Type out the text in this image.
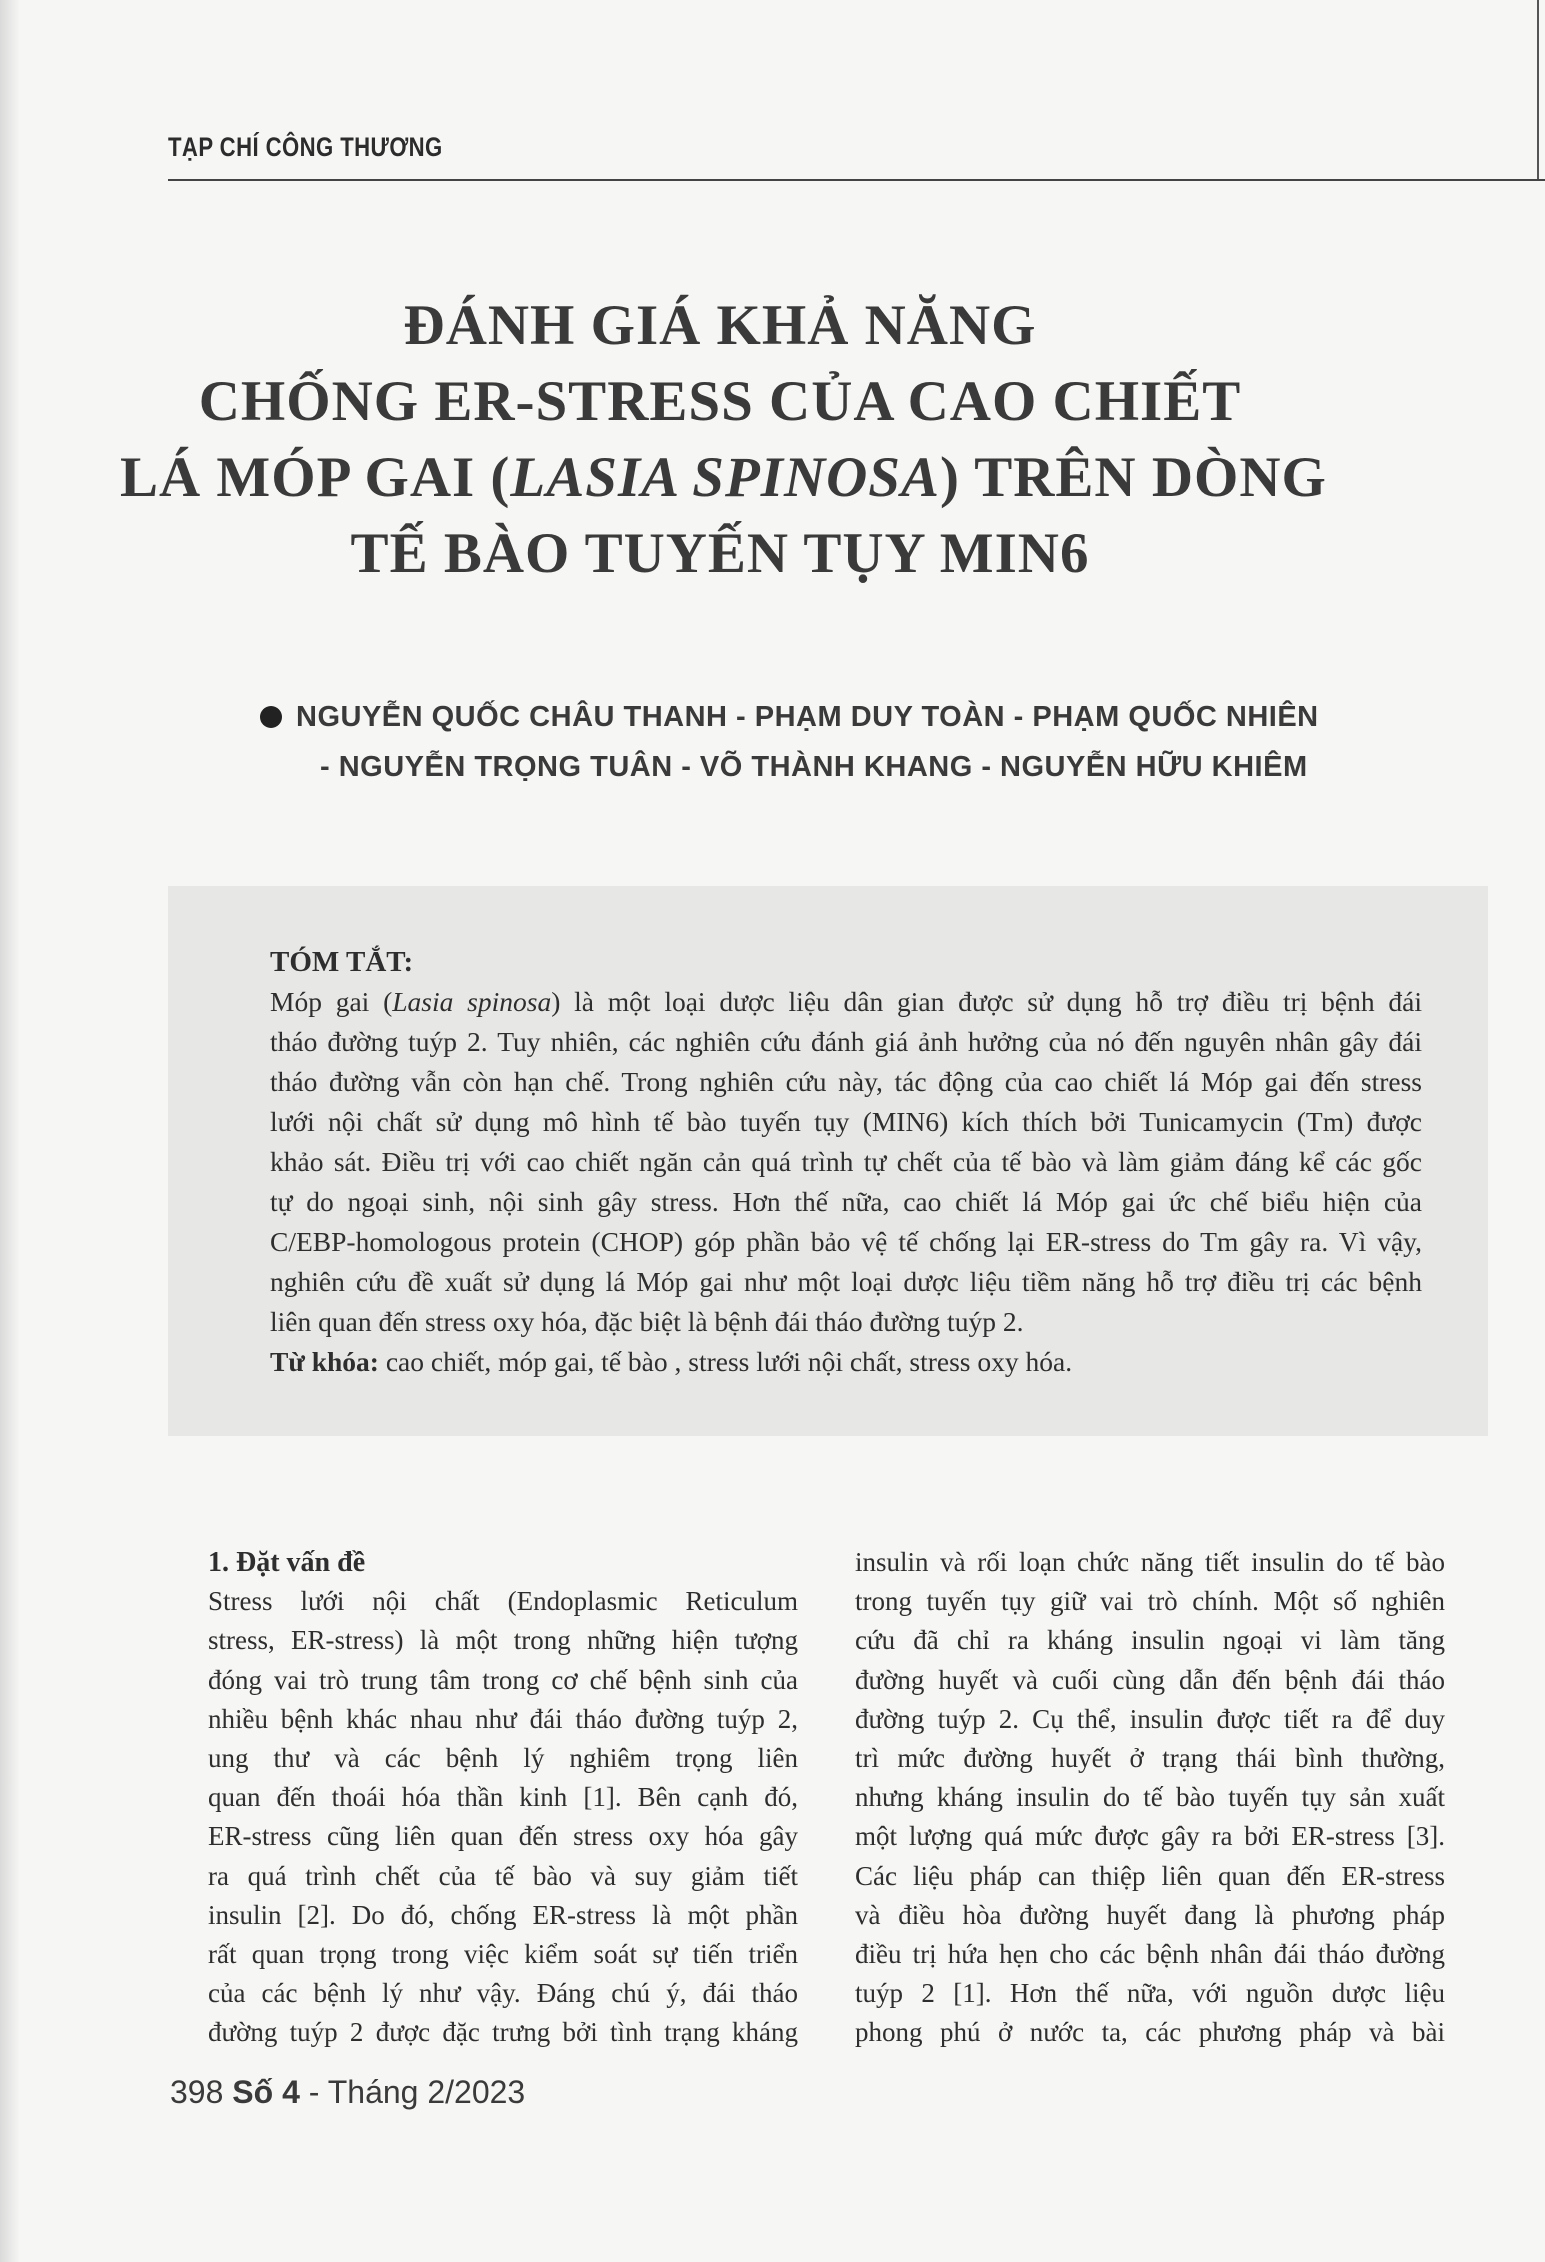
TẠP CHÍ CÔNG THƯƠNG
ĐÁNH GIÁ KHẢ NĂNG
CHỐNG ER-STRESS CỦA CAO CHIẾT
LÁ MÓP GAI (LASIA SPINOSA) TRÊN DÒNG
TẾ BÀO TUYẾN TỤY MIN6
NGUYỄN QUỐC CHÂU THANH - PHẠM DUY TOÀN - PHẠM QUỐC NHIÊN
- NGUYỄN TRỌNG TUÂN - VÕ THÀNH KHANG - NGUYỄN HỮU KHIÊM
TÓM TẮT:
Móp gai (Lasia spinosa) là một loại dược liệu dân gian được sử dụng hỗ trợ điều trị bệnh đái
tháo đường tuýp 2. Tuy nhiên, các nghiên cứu đánh giá ảnh hưởng của nó đến nguyên nhân gây đái
tháo đường vẫn còn hạn chế. Trong nghiên cứu này, tác động của cao chiết lá Móp gai đến stress
lưới nội chất sử dụng mô hình tế bào tuyến tụy (MIN6) kích thích bởi Tunicamycin (Tm) được
khảo sát. Điều trị với cao chiết ngăn cản quá trình tự chết của tế bào và làm giảm đáng kể các gốc
tự do ngoại sinh, nội sinh gây stress. Hơn thế nữa, cao chiết lá Móp gai ức chế biểu hiện của
C/EBP-homologous protein (CHOP) góp phần bảo vệ tế chống lại ER-stress do Tm gây ra. Vì vậy,
nghiên cứu đề xuất sử dụng lá Móp gai như một loại dược liệu tiềm năng hỗ trợ điều trị các bệnh
liên quan đến stress oxy hóa, đặc biệt là bệnh đái tháo đường tuýp 2.
Từ khóa: cao chiết, móp gai, tế bào , stress lưới nội chất, stress oxy hóa.
1. Đặt vấn đề
Stress lưới nội chất (Endoplasmic Reticulum
stress, ER-stress) là một trong những hiện tượng
đóng vai trò trung tâm trong cơ chế bệnh sinh của
nhiều bệnh khác nhau như đái tháo đường tuýp 2,
ung thư và các bệnh lý nghiêm trọng liên
quan đến thoái hóa thần kinh [1]. Bên cạnh đó,
ER-stress cũng liên quan đến stress oxy hóa gây
ra quá trình chết của tế bào và suy giảm tiết
insulin [2]. Do đó, chống ER-stress là một phần
rất quan trọng trong việc kiểm soát sự tiến triển
của các bệnh lý như vậy. Đáng chú ý, đái tháo
đường tuýp 2 được đặc trưng bởi tình trạng kháng
insulin và rối loạn chức năng tiết insulin do tế bào
trong tuyến tụy giữ vai trò chính. Một số nghiên
cứu đã chỉ ra kháng insulin ngoại vi làm tăng
đường huyết và cuối cùng dẫn đến bệnh đái tháo
đường tuýp 2. Cụ thể, insulin được tiết ra để duy
trì mức đường huyết ở trạng thái bình thường,
nhưng kháng insulin do tế bào tuyến tụy sản xuất
một lượng quá mức được gây ra bởi ER-stress [3].
Các liệu pháp can thiệp liên quan đến ER-stress
và điều hòa đường huyết đang là phương pháp
điều trị hứa hẹn cho các bệnh nhân đái tháo đường
tuýp 2 [1]. Hơn thế nữa, với nguồn dược liệu
phong phú ở nước ta, các phương pháp và bài
398 Số 4 - Tháng 2/2023
